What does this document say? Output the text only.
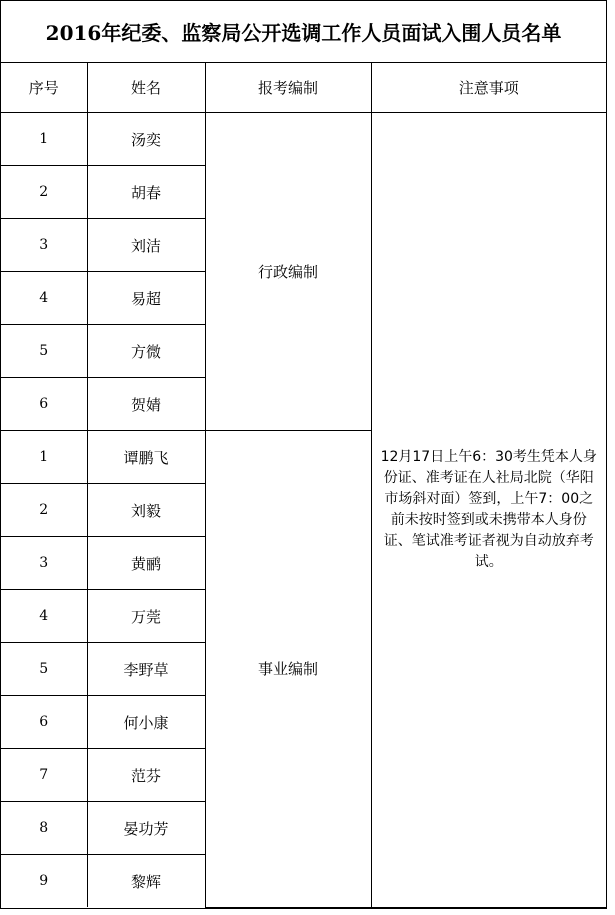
2016年纪委、监察局公开选调工作人员面试入围人员名单
序号	姓名	报考编制	注意事项
1	汤奕	行政编制	12月17日上午6：30考生凭本人身份证、准考证在人社局北院（华阳市场斜对面）签到，上午7：00之前未按时签到或未携带本人身份证、笔试准考证者视为自动放弃考试。
2	胡春		
3	刘洁		
4	易超		
5	方微		
6	贺婧		
1	谭鹏飞	事业编制	
2	刘毅		
3	黄鹂		
4	万莞		
5	李野草		
6	何小康		
7	范芬		
8	晏功芳		
9	黎辉		
